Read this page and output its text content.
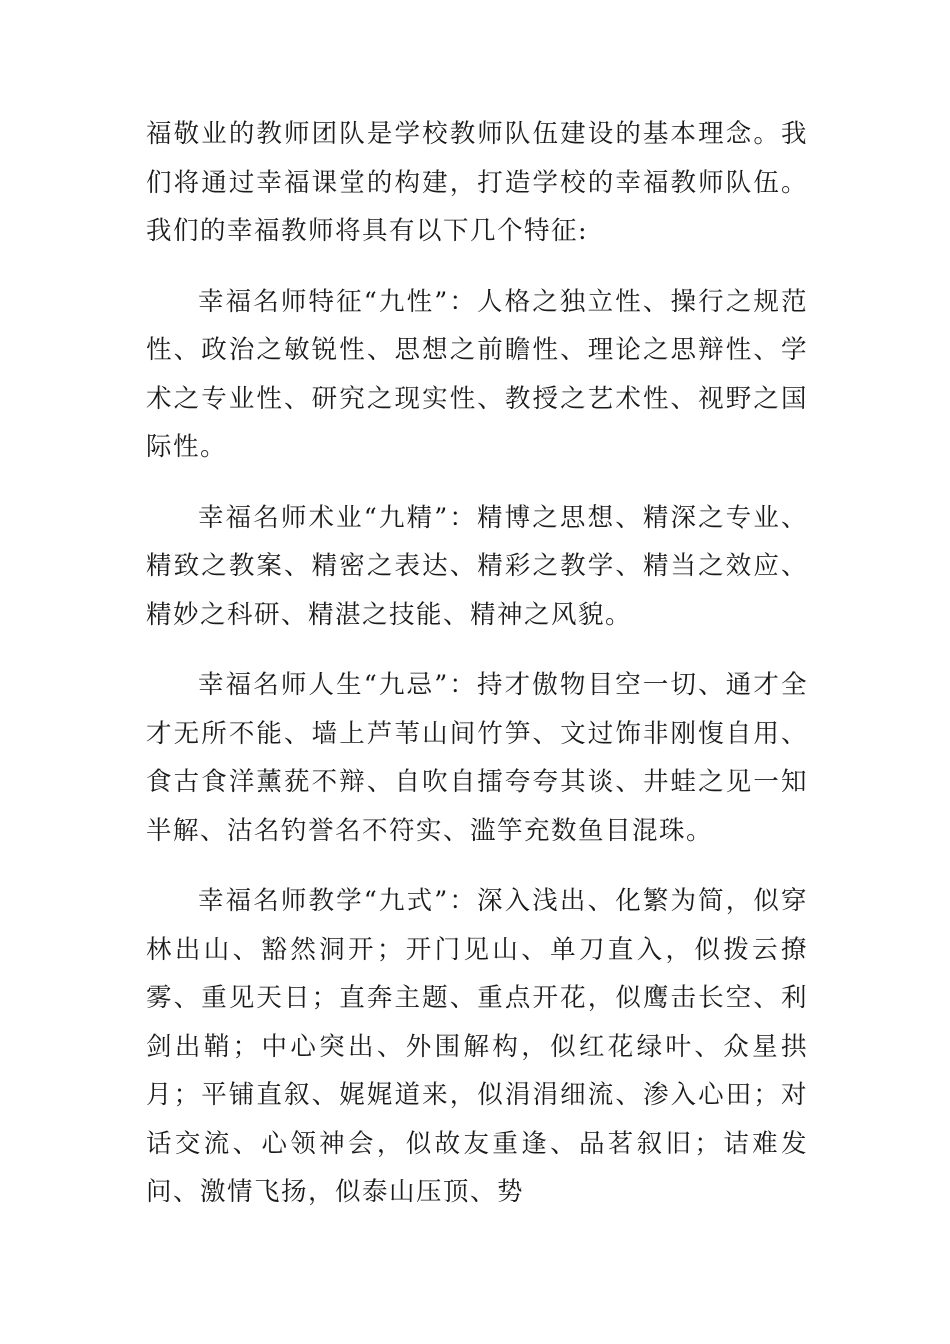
福敬业的教师团队是学校教师队伍建设的基本理念。我们将通过幸福课堂的构建，打造学校的幸福教师队伍。我们的幸福教师将具有以下几个特征:

幸福名师特征“九性”：人格之独立性、操行之规范性、政治之敏锐性、思想之前瞻性、理论之思辩性、学术之专业性、研究之现实性、教授之艺术性、视野之国际性。

幸福名师术业“九精”：精博之思想、精深之专业、精致之教案、精密之表达、精彩之教学、精当之效应、精妙之科研、精湛之技能、精神之风貌。

幸福名师人生“九忌”：持才傲物目空一切、通才全才无所不能、墙上芦苇山间竹笋、文过饰非刚愎自用、食古食洋薰莸不辩、自吹自擂夸夸其谈、井蛙之见一知半解、沽名钓誉名不符实、滥竽充数鱼目混珠。

幸福名师教学“九式”：深入浅出、化繁为简，似穿林出山、豁然洞开；开门见山、单刀直入，似拨云撩雾、重见天日；直奔主题、重点开花，似鹰击长空、利剑出鞘；中心突出、外围解构，似红花绿叶、众星拱月；平铺直叙、娓娓道来，似涓涓细流、渗入心田；对话交流、心领神会，似故友重逢、品茗叙旧；诘难发问、激情飞扬，似泰山压顶、势
